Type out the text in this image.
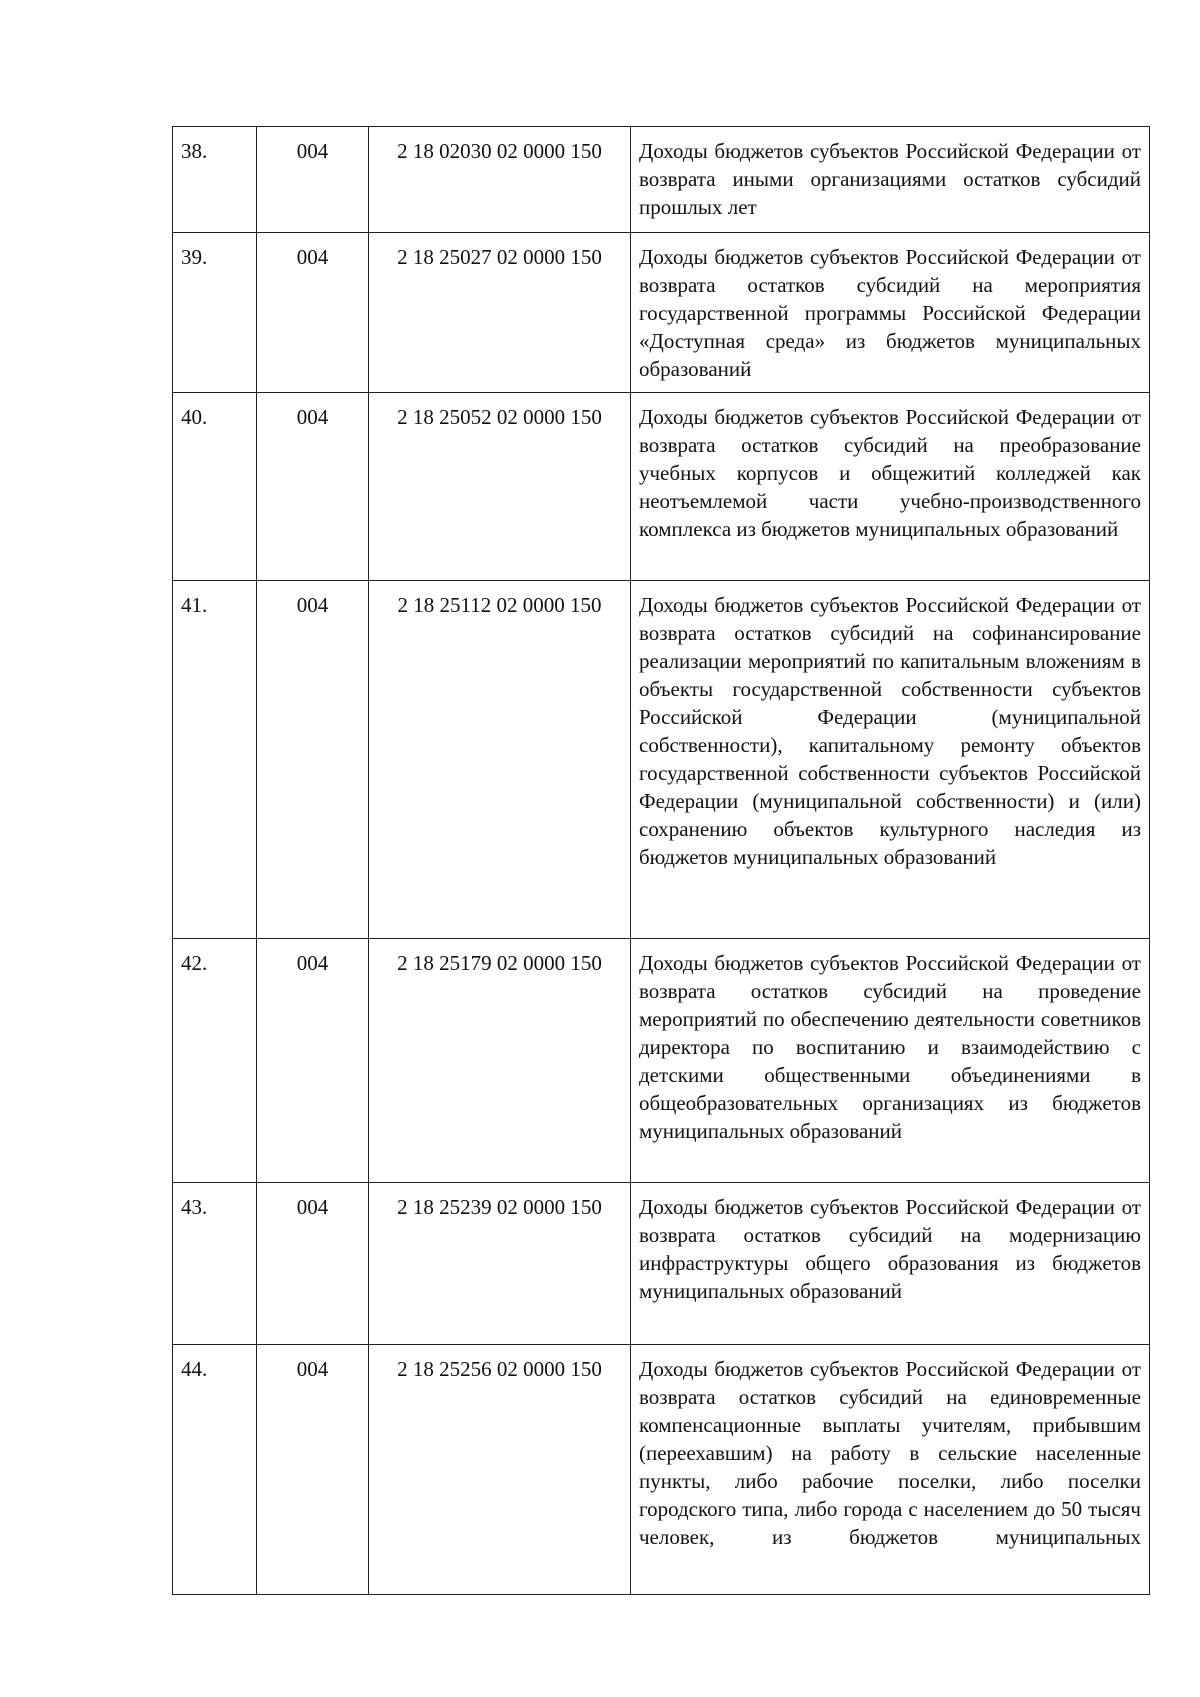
38.	004	2 18 02030 02 0000 150	Доходы бюджетов субъектов Российской Федерации от возврата иными организациями остатков субсидий прошлых лет
39.	004	2 18 25027 02 0000 150	Доходы бюджетов субъектов Российской Федерации от возврата остатков субсидий на мероприятия государственной программы Российской Федерации «Доступная среда» из бюджетов муниципальных образований
40.	004	2 18 25052 02 0000 150	Доходы бюджетов субъектов Российской Федерации от возврата остатков субсидий на преобразование учебных корпусов и общежитий колледжей как неотъемлемой части учебно-производственного комплекса из бюджетов муниципальных образований
41.	004	2 18 25112 02 0000 150	Доходы бюджетов субъектов Российской Федерации от возврата остатков субсидий на софинансирование реализации мероприятий по капитальным вложениям в объекты государственной собственности субъектов Российской Федерации (муниципальной собственности), капитальному ремонту объектов государственной собственности субъектов Российской Федерации (муниципальной собственности) и (или) сохранению объектов культурного наследия из бюджетов муниципальных образований
42.	004	2 18 25179 02 0000 150	Доходы бюджетов субъектов Российской Федерации от возврата остатков субсидий на проведение мероприятий по обеспечению деятельности советников директора по воспитанию и взаимодействию с детскими общественными объединениями в общеобразовательных организациях из бюджетов муниципальных образований
43.	004	2 18 25239 02 0000 150	Доходы бюджетов субъектов Российской Федерации от возврата остатков субсидий на модернизацию инфраструктуры общего образования из бюджетов муниципальных образований
44.	004	2 18 25256 02 0000 150	Доходы бюджетов субъектов Российской Федерации от возврата остатков субсидий на единовременные компенсационные выплаты учителям, прибывшим (переехавшим) на работу в сельские населенные пункты, либо рабочие поселки, либо поселки городского типа, либо города с населением до 50 тысяч человек, из бюджетов муниципальных
